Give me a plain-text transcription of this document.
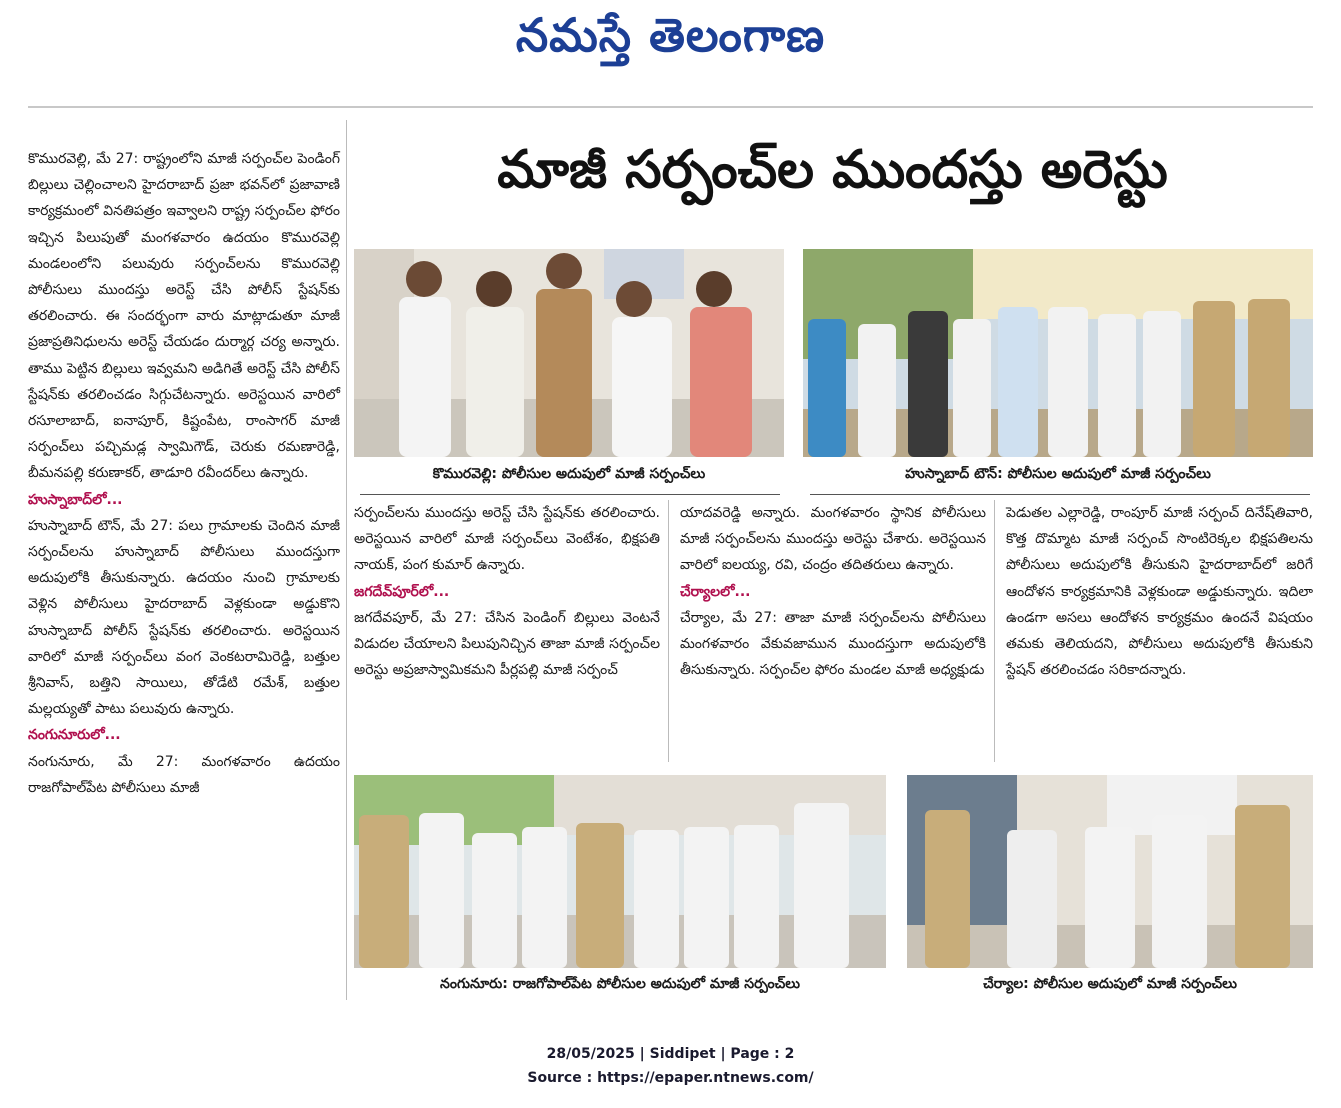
నమస్తే తెలంగాణ
మాజీ సర్పంచ్‌ల ముందస్తు అరెస్టు

కొమురవెల్లి, మే 27: రాష్ట్రంలోని మాజీ సర్పంచ్‌ల పెండింగ్ బిల్లులు చెల్లించాలని హైదరాబాద్ ప్రజా భవన్‌లో ప్రజావాణి కార్యక్రమంలో వినతిపత్రం ఇవ్వాలని రాష్ట్ర సర్పంచ్‌ల ఫోరం ఇచ్చిన పిలుపుతో మంగళవారం ఉదయం కొమురవెల్లి మండలంలోని పలువురు సర్పంచ్‌లను కొమురవెల్లి పోలీసులు ముందస్తు అరెస్ట్ చేసి పోలీస్ స్టేషన్‌కు తరలించారు. ఈ సందర్భంగా వారు మాట్లాడుతూ మాజీ ప్రజాప్రతినిధులను అరెస్ట్ చేయడం దుర్మార్గ చర్య అన్నారు. తాము పెట్టిన బిల్లులు ఇవ్వమని అడిగితే అరెస్ట్ చేసి పోలీస్ స్టేషన్‌కు తరలించడం సిగ్గుచేటన్నారు. అరెస్టయిన వారిలో రసూలాబాద్, ఐనాపూర్, కిష్టంపేట, రాంసాగర్ మాజీ సర్పంచ్‌లు పచ్చిమడ్ల స్వామిగౌడ్, చెరుకు రమణారెడ్డి, బీమనపల్లి కరుణాకర్, తాడూరి రవీందర్‌లు ఉన్నారు.

హుస్నాబాద్‌లో...

హుస్నాబాద్ టౌన్, మే 27: పలు గ్రామాలకు చెందిన మాజీ సర్పంచ్‌లను హుస్నాబాద్ పోలీసులు ముందస్తుగా అదుపులోకి తీసుకున్నారు. ఉదయం నుంచి గ్రామాలకు వెళ్లిన పోలీసులు హైదరాబాద్ వెళ్లకుండా అడ్డుకొని హుస్నాబాద్ పోలీస్ స్టేషన్‌కు తరలించారు. అరెస్టయిన వారిలో మాజీ సర్పంచ్‌లు వంగ వెంకటరామిరెడ్డి, బత్తుల శ్రీనివాస్, బత్తిని సాయిలు, తోడేటి రమేశ్, బత్తుల మల్లయ్యతో పాటు పలువురు ఉన్నారు.

నంగునూరులో...

నంగునూరు, మే 27: మంగళవారం ఉదయం రాజగోపాల్‌పేట పోలీసులు మాజీ

కొమురవెల్లి: పోలీసుల అదుపులో మాజీ సర్పంచ్‌లు	హుస్నాబాద్ టౌన్: పోలీసుల అదుపులో మాజీ సర్పంచ్‌లు

సర్పంచ్‌లను ముందస్తు అరెస్ట్ చేసి స్టేషన్‌కు తరలించారు. అరెస్టయిన వారిలో మాజీ సర్పంచ్‌లు వెంటేశం, భిక్షపతి నాయక్, పంగ కుమార్ ఉన్నారు.

జగదేవ్‌పూర్‌లో...

జగదేవపూర్, మే 27: చేసిన పెండింగ్ బిల్లులు వెంటనే విడుదల చేయాలని పిలుపునిచ్చిన తాజా మాజీ సర్పంచ్‌ల అరెస్టు అప్రజాస్వామికమని పీర్లపల్లి మాజీ సర్పంచ్

యాదవరెడ్డి అన్నారు. మంగళవారం స్థానిక పోలీసులు మాజీ సర్పంచ్‌లను ముందస్తు అరెస్టు చేశారు. అరెస్టయిన వారిలో ఐలయ్య, రవి, చంద్రం తదితరులు ఉన్నారు.

చేర్యాలలో...

చేర్యాల, మే 27: తాజా మాజీ సర్పంచ్‌లను పోలీసులు మంగళవారం వేకువజామున ముందస్తుగా అదుపులోకి తీసుకున్నారు. సర్పంచ్‌ల ఫోరం మండల మాజీ అధ్యక్షుడు

పెడుతల ఎల్లారెడ్డి, రాంపూర్ మాజీ సర్పంచ్ దినేష్‌తివారి, కొత్త దొమ్మాట మాజీ సర్పంచ్ సొంటిరెక్కల భిక్షపతిలను పోలీసులు అదుపులోకి తీసుకుని హైదరాబాద్‌లో జరిగే ఆందోళన కార్యక్రమానికి వెళ్లకుండా అడ్డుకున్నారు. ఇదిలా ఉండగా అసలు ఆందోళన కార్యక్రమం ఉందనే విషయం తమకు తెలియదని, పోలీసులు అదుపులోకి తీసుకుని స్టేషన్ తరలించడం సరికాదన్నారు.

నంగునూరు: రాజగోపాల్‌పేట పోలీసుల అదుపులో మాజీ సర్పంచ్‌లు	చేర్యాల: పోలీసుల అదుపులో మాజీ సర్పంచ్‌లు
28/05/2025 | Siddipet | Page : 2
Source : https://epaper.ntnews.com/
